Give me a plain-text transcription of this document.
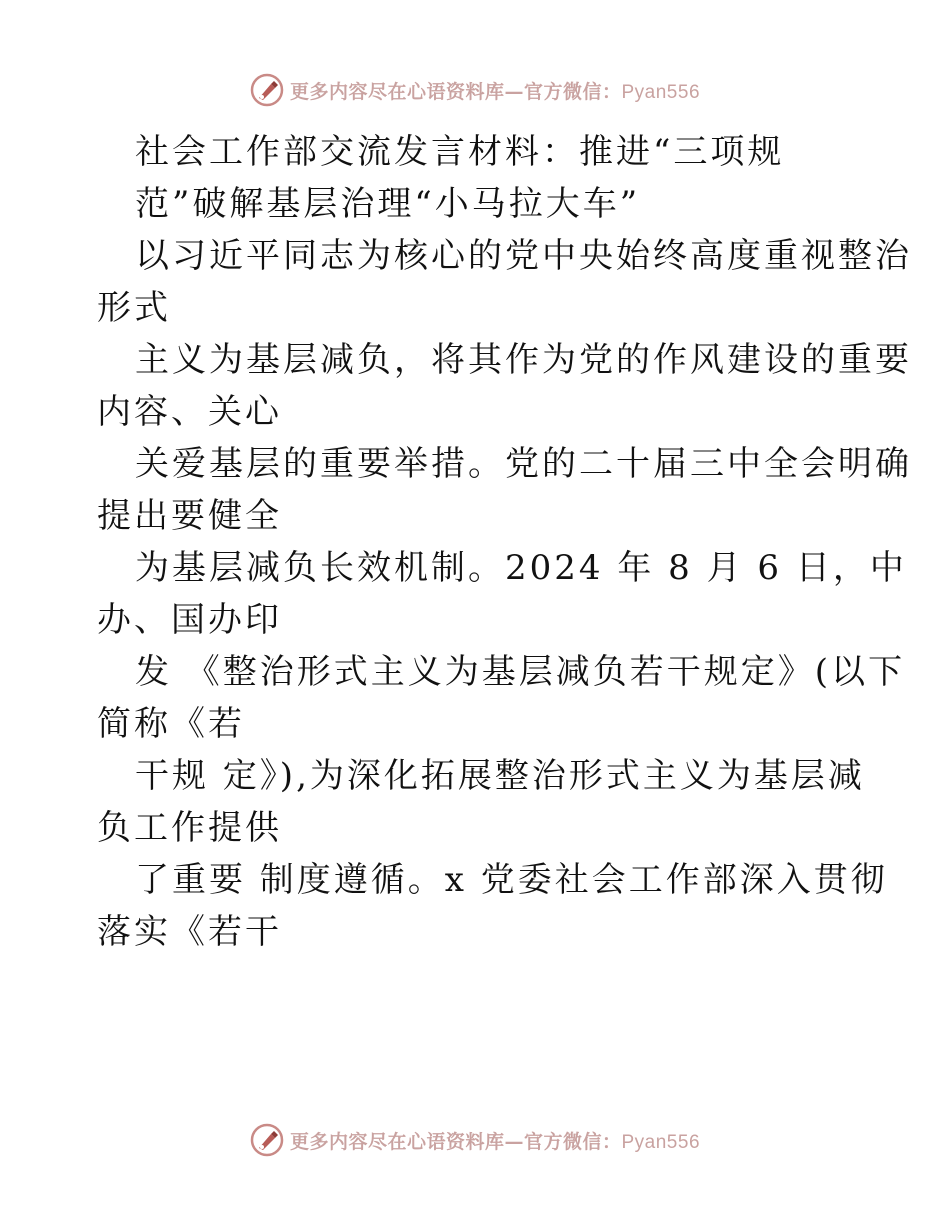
更多内容尽在心语资料库—官方微信：Pyan556
社会工作部交流发言材料：推进“三项规
范”破解基层治理“小马拉大车”
以习近平同志为核心的党中央始终高度重视整治
形式
主义为基层减负，将其作为党的作风建设的重要
内容、关心
关爱基层的重要举措。党的二十届三中全会明确
提出要健全
为基层减负长效机制。2024 年 8 月 6 日，中
办、国办印
发 《整治形式主义为基层减负若干规定》(以下
简称《若
干规 定》),为深化拓展整治形式主义为基层减
负工作提供
了重要 制度遵循。x 党委社会工作部深入贯彻
落实《若干
更多内容尽在心语资料库—官方微信：Pyan556
